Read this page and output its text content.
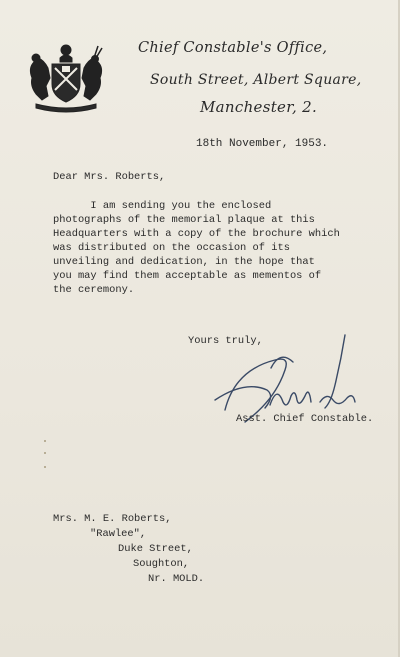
Chief Constable's Office,
South Street, Albert Square,
Manchester, 2.
18th November, 1953.
Dear Mrs. Roberts,
I am sending you the enclosed
photographs of the memorial plaque at this
Headquarters with a copy of the brochure which
was distributed on the occasion of its
unveiling and dedication, in the hope that
you may find them acceptable as mementos of
the ceremony.
Yours truly,
Asst. Chief Constable.
Mrs. M. E. Roberts,
"Rawlee",
Duke Street,
Soughton,
Nr. MOLD.
